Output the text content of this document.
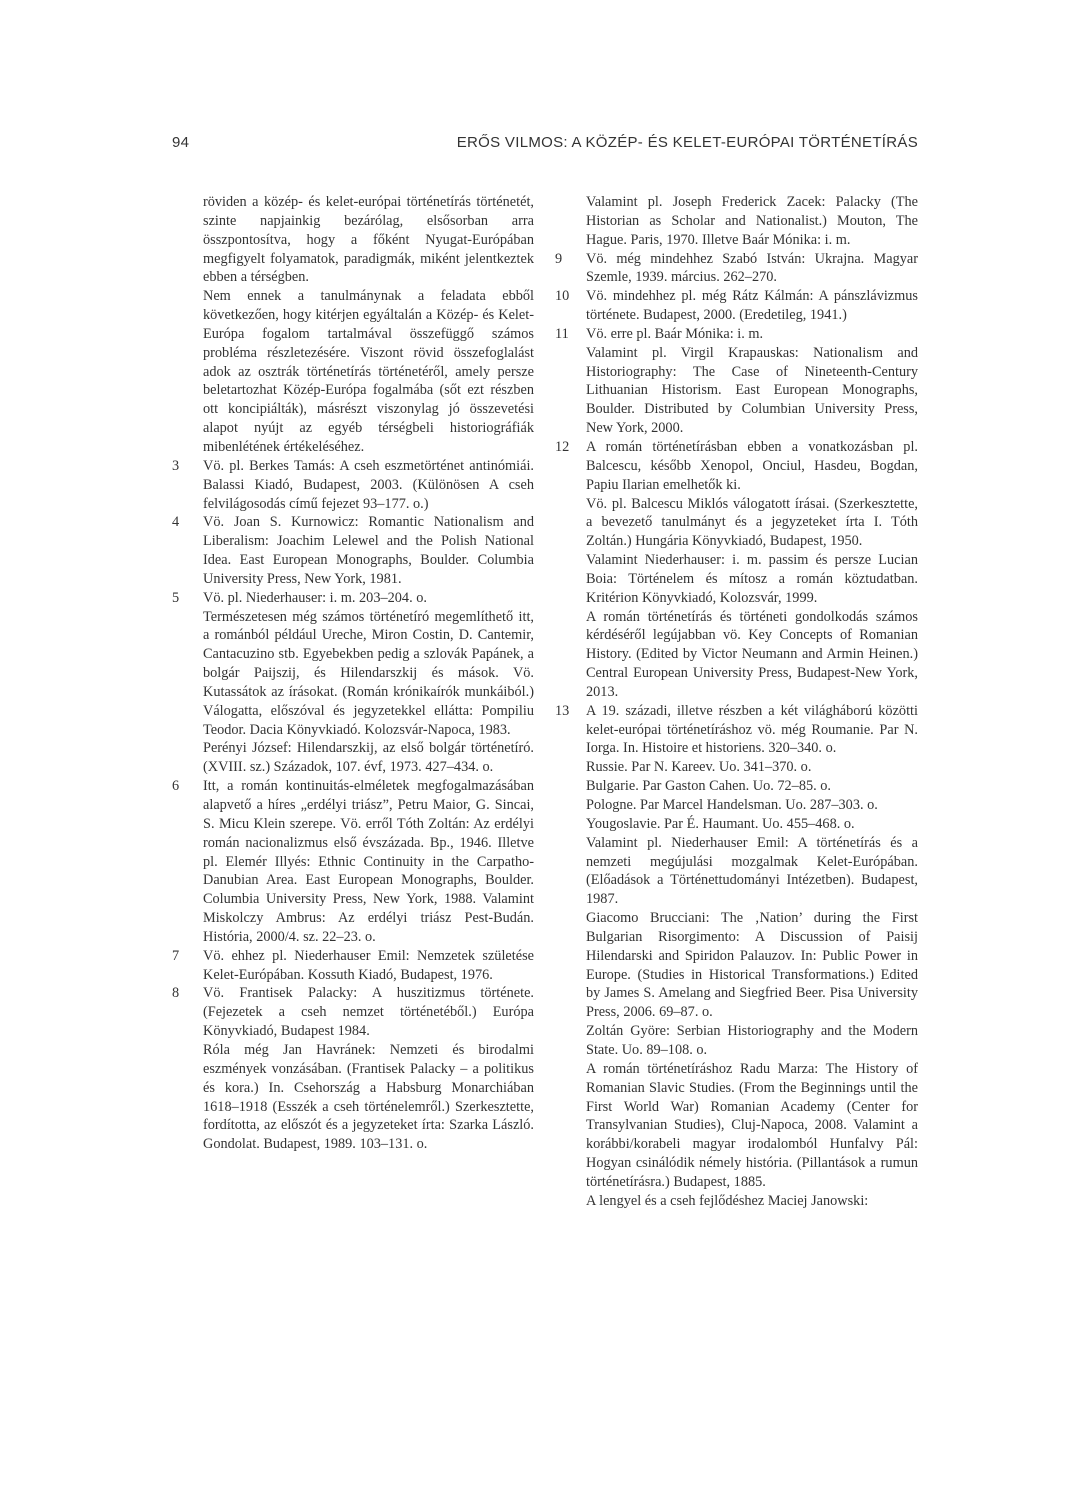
94	ERŐS VILMOS: A KÖZÉP- ÉS KELET-EURÓPAI TÖRTÉNETÍRÁS

röviden a közép- és kelet-európai történetírás történetét, szinte napjainkig bezárólag, elsősorban arra összpontosítva, hogy a főként Nyugat-Európában megfigyelt folyamatok, paradigmák, miként jelentkeztek ebben a térségben.

Nem ennek a tanulmánynak a feladata ebből következően, hogy kitérjen egyáltalán a Közép- és Kelet-Európa fogalom tartalmával összefüggő számos probléma részletezésére. Viszont rövid összefoglalást adok az osztrák történetírás történetéről, amely persze beletartozhat Közép-Európa fogalmába (sőt ezt részben ott koncipiálták), másrészt viszonylag jó összevetési alapot nyújt az egyéb térségbeli historiográfiák mibenlétének értékeléséhez.

3	Vö. pl. Berkes Tamás: A cseh eszmetörténet antinómiái. Balassi Kiadó, Budapest, 2003. (Különösen A cseh felvilágosodás című fejezet 93–177. o.)

4	Vö. Joan S. Kurnowicz: Romantic Nationalism and Liberalism: Joachim Lelewel and the Polish National Idea. East European Monographs, Boulder. Columbia University Press, New York, 1981.

5	Vö. pl. Niederhauser: i. m. 203–204. o.

Természetesen még számos történetíró megemlíthető itt, a románból például Ureche, Miron Costin, D. Cantemir, Cantacuzino stb. Egyebekben pedig a szlovák Papánek, a bolgár Paijszij, és Hilendarszkij és mások. Vö. Kutassátok az írásokat. (Román krónikaírók munkáiból.) Válogatta, előszóval és jegyzetekkel ellátta: Pompiliu Teodor. Dacia Könyvkiadó. Kolozsvár-Napoca, 1983.

Perényi József: Hilendarszkij, az első bolgár történetíró. (XVIII. sz.) Századok, 107. évf, 1973. 427–434. o.

6	Itt, a román kontinuitás-elméletek megfogalmazásában alapvető a híres „erdélyi triász”, Petru Maior, G. Sincai, S. Micu Klein szerepe. Vö. erről Tóth Zoltán: Az erdélyi román nacionalizmus első évszázada. Bp., 1946. Illetve pl. Elemér Illyés: Ethnic Continuity in the Carpatho-Danubian Area. East European Monographs, Boulder. Columbia University Press, New York, 1988. Valamint Miskolczy Ambrus: Az erdélyi triász Pest-Budán. História, 2000/4. sz. 22–23. o.

7	Vö. ehhez pl. Niederhauser Emil: Nemzetek születése Kelet-Európában. Kossuth Kiadó, Budapest, 1976.

8	Vö. Frantisek Palacky: A huszitizmus története. (Fejezetek a cseh nemzet történetéből.) Európa Könyvkiadó, Budapest 1984.

Róla még Jan Havránek: Nemzeti és birodalmi eszmények vonzásában. (Frantisek Palacky – a politikus és kora.) In. Csehország a Habsburg Monarchiában 1618–1918 (Esszék a cseh történelemről.) Szerkesztette, fordította, az előszót és a jegyzeteket írta: Szarka László. Gondolat. Budapest, 1989. 103–131. o.

Valamint pl. Joseph Frederick Zacek: Palacky (The Historian as Scholar and Nationalist.) Mouton, The Hague. Paris, 1970. Illetve Baár Mónika: i. m.

9	Vö. még mindehhez Szabó István: Ukrajna. Magyar Szemle, 1939. március. 262–270.

10	Vö. mindehhez pl. még Rátz Kálmán: A pánszlávizmus története. Budapest, 2000. (Eredetileg, 1941.)

11	Vö. erre pl. Baár Mónika: i. m.

Valamint pl. Virgil Krapauskas: Nationalism and Historiography: The Case of Nineteenth-Century Lithuanian Historism. East European Monographs, Boulder. Distributed by Columbian University Press, New York, 2000.

12	A román történetírásban ebben a vonatkozásban pl. Balcescu, később Xenopol, Onciul, Hasdeu, Bogdan, Papiu Ilarian emelhetők ki.

Vö. pl. Balcescu Miklós válogatott írásai. (Szerkesztette, a bevezető tanulmányt és a jegyzeteket írta I. Tóth Zoltán.) Hungária Könyvkiadó, Budapest, 1950.

Valamint Niederhauser: i. m. passim és persze Lucian Boia: Történelem és mítosz a román köztudatban. Kritérion Könyvkiadó, Kolozsvár, 1999.

A román történetírás és történeti gondolkodás számos kérdéséről legújabban vö. Key Concepts of Romanian History. (Edited by Victor Neumann and Armin Heinen.) Central European University Press, Budapest-New York, 2013.

13	A 19. századi, illetve részben a két világháború közötti kelet-európai történetíráshoz vö. még Roumanie. Par N. Iorga. In. Histoire et historiens. 320–340. o.

Russie. Par N. Kareev. Uo. 341–370. o.

Bulgarie. Par Gaston Cahen. Uo. 72–85. o.

Pologne. Par Marcel Handelsman. Uo. 287–303. o.

Yougoslavie. Par É. Haumant. Uo. 455–468. o.

Valamint pl. Niederhauser Emil: A történetírás és a nemzeti megújulási mozgalmak Kelet-Európában. (Előadások a Történettudományi Intézetben). Budapest, 1987.

Giacomo Brucciani: The ‚Nation’ during the First Bulgarian Risorgimento: A Discussion of Paisij Hilendarski and Spiridon Palauzov. In: Public Power in Europe. (Studies in Historical Transformations.) Edited by James S. Amelang and Siegfried Beer. Pisa University Press, 2006. 69–87. o.

Zoltán Györe: Serbian Historiography and the Modern State. Uo. 89–108. o.

A román történetíráshoz Radu Marza: The History of Romanian Slavic Studies. (From the Beginnings until the First World War) Romanian Academy (Center for Transylvanian Studies), Cluj-Napoca, 2008. Valamint a korábbi/korabeli magyar irodalomból Hunfalvy Pál: Hogyan csinálódik némely história. (Pillantások a rumun történetírásra.) Budapest, 1885.

A lengyel és a cseh fejlődéshez Maciej Janowski:
